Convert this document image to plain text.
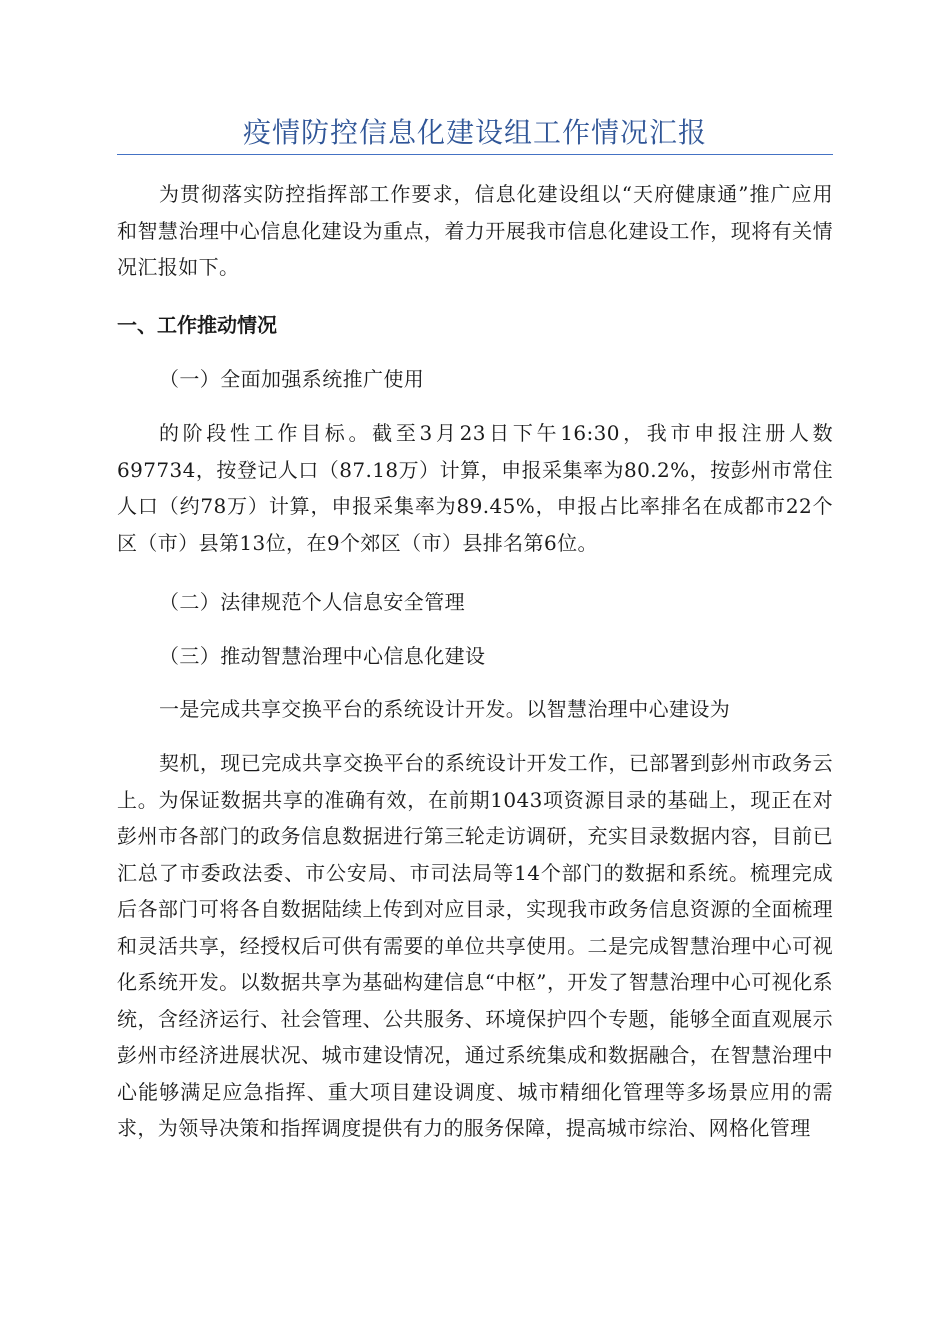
疫情防控信息化建设组工作情况汇报

为贯彻落实防控指挥部工作要求，信息化建设组以“天府健康通”推广应用和智慧治理中心信息化建设为重点，着力开展我市信息化建设工作，现将有关情况汇报如下。

一、工作推动情况

（一）全面加强系统推广使用

的阶段性工作目标。截至3月23日下午16:30，我市申报注册人数697734，按登记人口（87.18万）计算，申报采集率为80.2%，按彭州市常住人口（约78万）计算，申报采集率为89.45%，申报占比率排名在成都市22个区（市）县第13位，在9个郊区（市）县排名第6位。

（二）法律规范个人信息安全管理

（三）推动智慧治理中心信息化建设

一是完成共享交换平台的系统设计开发。以智慧治理中心建设为

契机，现已完成共享交换平台的系统设计开发工作，已部署到彭州市政务云上。为保证数据共享的准确有效，在前期1043项资源目录的基础上，现正在对彭州市各部门的政务信息数据进行第三轮走访调研，充实目录数据内容，目前已汇总了市委政法委、市公安局、市司法局等14个部门的数据和系统。梳理完成后各部门可将各自数据陆续上传到对应目录，实现我市政务信息资源的全面梳理和灵活共享，经授权后可供有需要的单位共享使用。二是完成智慧治理中心可视化系统开发。以数据共享为基础构建信息“中枢”，开发了智慧治理中心可视化系统，含经济运行、社会管理、公共服务、环境保护四个专题，能够全面直观展示彭州市经济进展状况、城市建设情况，通过系统集成和数据融合，在智慧治理中心能够满足应急指挥、重大项目建设调度、城市精细化管理等多场景应用的需求，为领导决策和指挥调度提供有力的服务保障，提高城市综治、网格化管理
